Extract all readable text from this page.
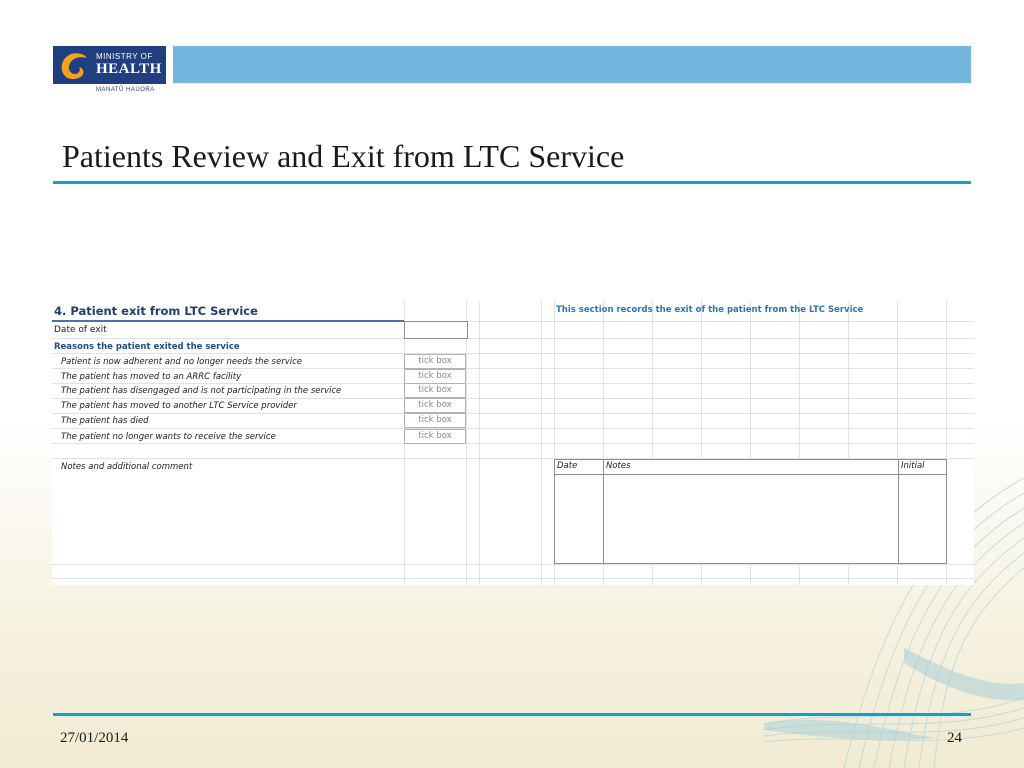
MINISTRY OF
HEALTH
MANATŪ HAUORA
Patients Review and Exit from LTC Service
4. Patient exit from LTC Service	This section records the exit of the patient from the LTC Service
Date of exit
Reasons the patient exited the service
Patient is now adherent and no longer needs the service	tick box
The patient has moved to an ARRC facility	tick box
The patient has disengaged and is not participating in the service	tick box
The patient has moved to another LTC Service provider	tick box
The patient has died	tick box
The patient no longer wants to receive the service	tick box
Notes and additional comment	Date	Notes	Initial
27/01/2014	24
